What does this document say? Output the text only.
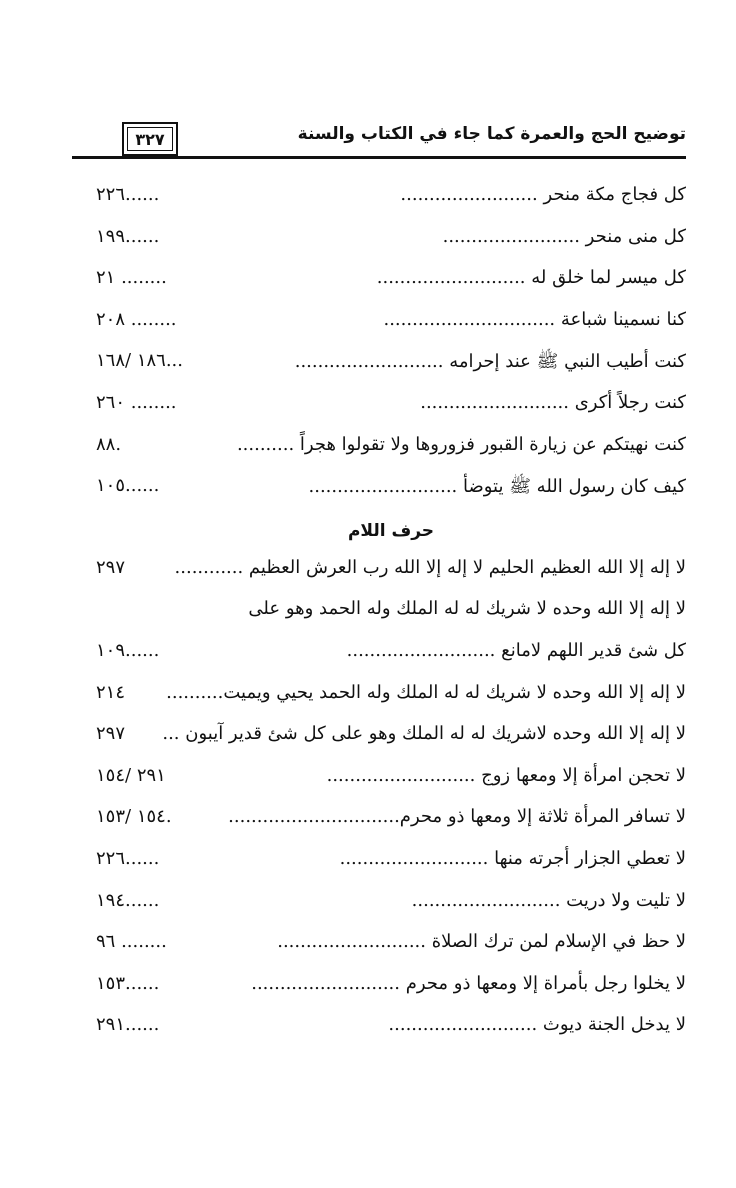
توضيح الحج والعمرة كما جاء في الكتاب والسنة
٣٢٧
كل فجاج مكة منحر ........................
٢٢٦......
كل منى منحر ........................
١٩٩......
كل ميسر لما خلق له ..........................
٢١ ........
كنا نسمينا شباعة ..............................
٢٠٨ ........
كنت أطيب النبي ﷺ عند إحرامه ..........................
١٨٦ /١٦٨...
كنت رجلاً أكرى ..........................
٢٦٠ ........
كنت نهيتكم عن زيارة القبور فزوروها ولا تقولوا هجراً ..........
٨٨.
كيف كان رسول الله ﷺ يتوضأ ..........................
١٠٥......
حرف اللام
لا إله إلا الله العظيم الحليم لا إله إلا الله رب العرش العظيم ............
٢٩٧
لا إله إلا الله وحده لا شريك له له الملك وله الحمد وهو على
كل شئ قدير اللهم لامانع ..........................
١٠٩......
لا إله إلا الله وحده لا شريك له له الملك وله الحمد يحيي ويميت..........
٢١٤
لا إله إلا الله وحده لاشريك له له الملك وهو على كل شئ قدير آيبون ...
٢٩٧
لا تحجن امرأة إلا ومعها زوج ..........................
٢٩١ /١٥٤
لا تسافر المرأة ثلاثة إلا ومعها ذو محرم..............................
١٥٤ /١٥٣.
لا تعطي الجزار أجرته منها ..........................
٢٢٦......
لا تليت ولا دريت ..........................
١٩٤......
لا حظ في الإسلام لمن ترك الصلاة ..........................
٩٦ ........
لا يخلوا رجل بأمراة إلا ومعها ذو محرم ..........................
١٥٣......
لا يدخل الجنة ديوث ..........................
٢٩١......
